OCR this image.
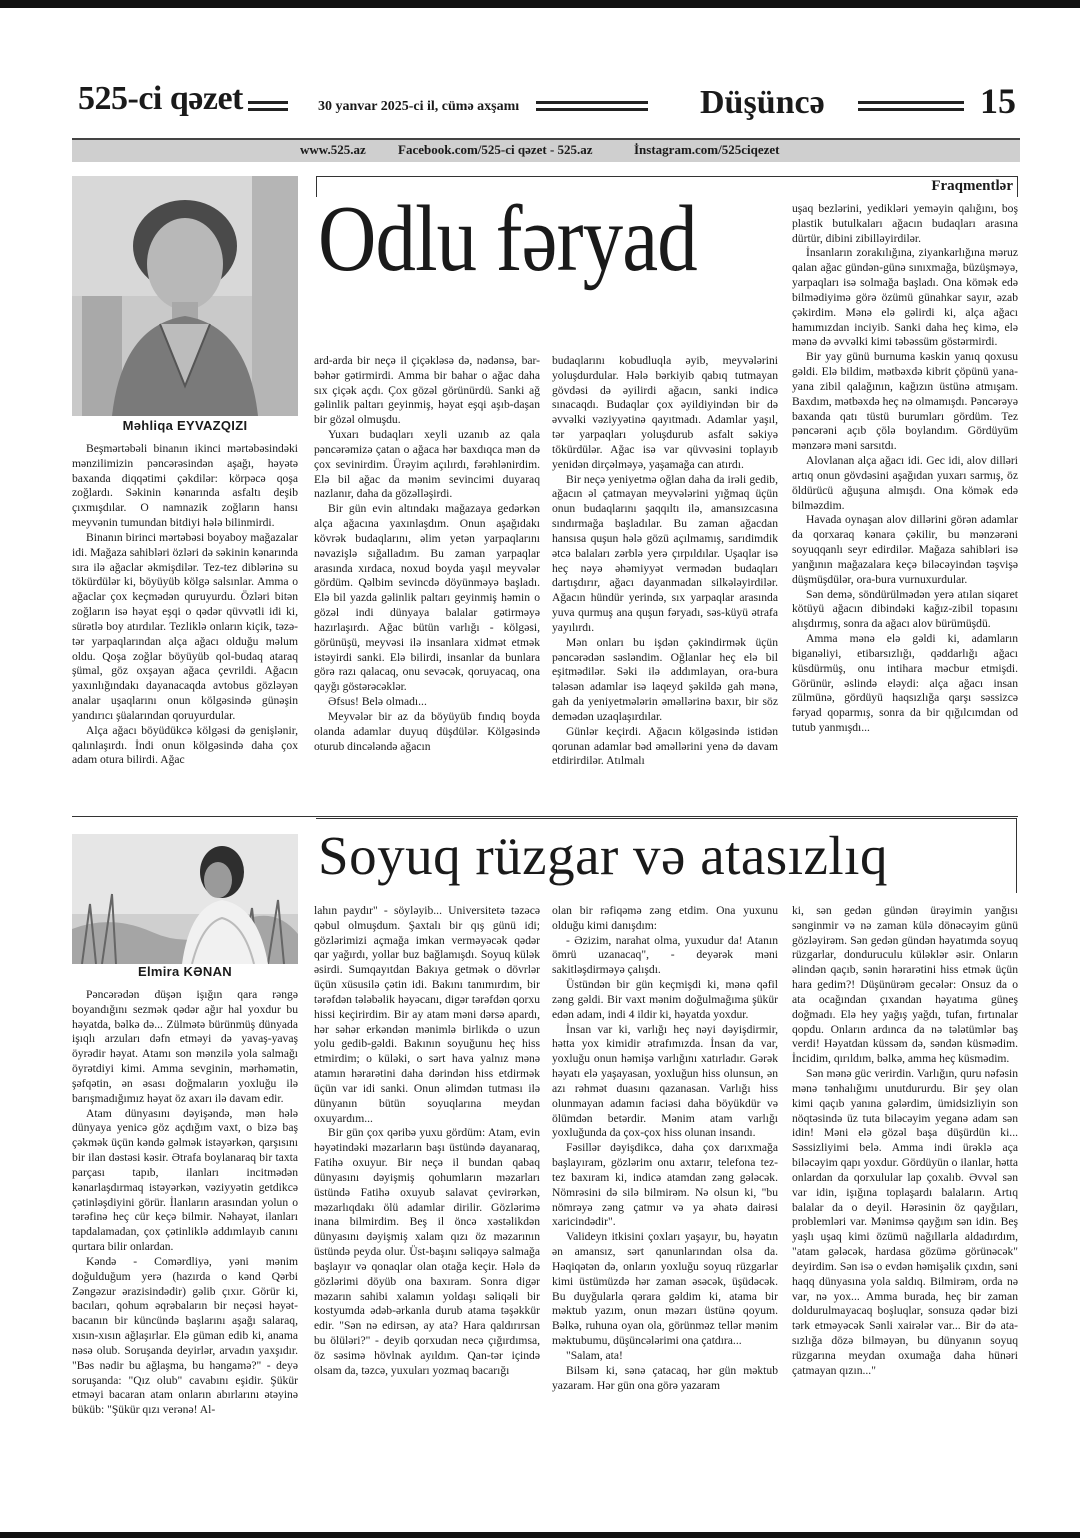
525-ci qəzet	30 yanvar 2025-ci il, cümə axşamı	Düşüncə	15
www.525.az Facebook.com/525-ci qəzet - 525.az	İnstagram.com/525ciqezet
Məhliqa EYVAZQIZI
Fraqmentlər
Odlu fəryad

Beşmərtəbəli binanın ikinci mərtəbəsindəki mənzilimizin pəncərəsindən aşağı, həyətə baxanda diqqətimi çəkdilər: körpəcə qoşa zoğlardı. Səkinin kənarında asfaltı deşib çıxmışdılar. O namnazik zoğların hansı meyvənin tumundan bitdiyi hələ bilinmirdi.

Binanın birinci mərtəbəsi boyaboy mağazalar idi. Mağaza sahibləri özləri də səkinin kənarında sıra ilə ağaclar əkmişdilər. Tez-tez diblərinə su tökürdülər ki, böyüyüb kölgə salsınlar. Amma o ağaclar çox keçmədən quruyurdu. Özləri bitən zoğların isə həyat eşqi o qədər qüvvətli idi ki, sürətlə boy atırdılar. Tezliklə onların kiçik, təzə-tər yarpaqlarından alça ağacı olduğu məlum oldu. Qoşa zoğlar böyüyüb qol-budaq ataraq şümal, göz oxşayan ağaca çevrildi. Ağacın yaxınlığındakı dayanacaqda avtobus gözləyən analar uşaqlarını onun kölgəsində günəşin yandırıcı şüalarından qoruyurdular.

Alça ağacı böyüdükcə kölgəsi də genişlənir, qalınlaşırdı. İndi onun kölgəsində daha çox adam otura bilirdi. Ağac

ard-arda bir neçə il çiçəkləsə də, nədənsə, bar-bəhər gətirmirdi. Amma bir bahar o ağac daha sıx çiçək açdı. Çox gözəl görünürdü. Sanki ağ gəlinlik paltarı geyinmiş, həyat eşqi aşıb-daşan bir gözəl olmuşdu.

Yuxarı budaqları xeyli uzanıb az qala pəncərəmizə çatan o ağaca hər baxdıqca mən də çox sevinirdim. Ürəyim açılırdı, fərəhlənirdim. Elə bil ağac da mənim sevincimi duyaraq nazlanır, daha da gözəlləşirdi.

Bir gün evin altındakı mağazaya gedərkən alça ağacına yaxınlaşdım. Onun aşağıdakı kövrək budaqlarını, əlim yetən yarpaqlarını nəvazişlə sığalladım. Bu zaman yarpaqlar arasında xırdaca, noxud boyda yaşıl meyvələr gördüm. Qəlbim sevincdə döyünməyə başladı. Elə bil yazda gəlinlik paltarı geyinmiş həmin o gözəl indi dünyaya balalar gətirməyə hazırlaşırdı. Ağac bütün varlığı - kölgəsi, görünüşü, meyvəsi ilə insanlara xidmət etmək istəyirdi sanki. Elə bilirdi, insanlar da bunlara görə razı qalacaq, onu sevəcək, qoruyacaq, ona qayğı göstərəcəklər.

Əfsus! Belə olmadı...

Meyvələr bir az da böyüyüb fındıq boyda olanda adamlar duyuq düşdülər. Kölgəsində oturub dincələndə ağacın

budaqlarını kobudluqla əyib, meyvələrini yoluşdurdular. Hələ bərkiyib qabıq tutmayan gövdəsi də əyilirdi ağacın, sanki indicə sınacaqdı. Budaqlar çox əyildiyindən bir də əvvəlki vəziyyətinə qayıtmadı. Adamlar yaşıl, tər yarpaqları yoluşdurub asfalt səkiyə tökürdülər. Ağac isə var qüvvəsini toplayıb yenidən dirçəlməyə, yaşamağa can atırdı.

Bir neçə yeniyetmə oğlan daha da irəli gedib, ağacın əl çatmayan meyvələrini yığmaq üçün onun budaqlarını şaqqıltı ilə, amansızcasına sındırmağa başladılar. Bu zaman ağacdan hansısa quşun hələ gözü açılmamış, sarıdimdik ətcə balaları zərblə yerə çırpıldılar. Uşaqlar isə heç nəyə əhəmiyyət vermədən budaqları dartışdırır, ağacı dayanmadan silkələyirdilər. Ağacın hündür yerində, sıx yarpaqlar arasında yuva qurmuş ana quşun fəryadı, səs-küyü ətrafa yayılırdı.

Mən onları bu işdən çəkindirmək üçün pəncərədən səsləndim. Oğlanlar heç elə bil eşitmədilər. Səki ilə addımlayan, ora-bura tələsən adamlar isə laqeyd şəkildə gah mənə, gah da yeniyetmələrin əməllərinə baxır, bir söz demədən uzaqlaşırdılar.

Günlər keçirdi. Ağacın kölgəsində istidən qorunan adamlar bəd əməllərini yenə də davam etdirirdilər. Atılmalı

uşaq bezlərini, yedikləri yeməyin qalığını, boş plastik butulkaları ağacın budaqları arasına dürtür, dibini zibilləyirdilər.

İnsanların zorakılığına, ziyankarlığına məruz qalan ağac gündən-günə sınıxmağa, büzüşməyə, yarpaqları isə solmağa başladı. Ona kömək edə bilmədiyimə görə özümü günahkar sayır, əzab çəkirdim. Mənə elə gəlirdi ki, alça ağacı hamımızdan inciyib. Sanki daha heç kimə, elə mənə də əvvəlki kimi təbəssüm göstərmirdi.

Bir yay günü burnuma kəskin yanıq qoxusu gəldi. Elə bildim, mətbəxdə kibrit çöpünü yana-yana zibil qalağının, kağızın üstünə atmışam. Baxdım, mətbəxdə heç nə olmamışdı. Pəncərəyə baxanda qatı tüstü burumları gördüm. Tez pəncərəni açıb çölə boylandım. Gördüyüm mənzərə məni sarsıtdı.

Alovlanan alça ağacı idi. Gec idi, alov dilləri artıq onun gövdəsini aşağıdan yuxarı sarmış, öz öldürücü ağuşuna almışdı. Ona kömək edə bilməzdim.

Havada oynaşan alov dillərini görən adamlar da qorxaraq kənara çəkilir, bu mənzərəni soyuqqanlı seyr edirdilər. Mağaza sahibləri isə yanğının mağazalara keçə biləcəyindən təşvişə düşmüşdülər, ora-bura vurnuxurdular.

Sən demə, söndürülmədən yerə atılan siqaret kötüyü ağacın dibindəki kağız-zibil topasını alışdırmış, sonra da ağacı alov bürümüşdü.

Amma mənə elə gəldi ki, adamların biganəliyi, etibarsızlığı, qəddarlığı ağacı küsdürmüş, onu intihara məcbur etmişdi. Görünür, əslində eləydi: alça ağacı insan zülmünə, gördüyü haqsızlığa qarşı səssizcə fəryad qoparmış, sonra da bir qığılcımdan od tutub yanmışdı...

Elmira KƏNAN
Soyuq rüzgar və atasızlıq

Pəncərədən düşən işığın qara rəngə boyandığını sezmək qədər ağır hal yoxdur bu həyatda, bəlkə də... Zülmətə bürünmüş dünyada işıqlı arzuları dəfn etməyi də yavaş-yavaş öyrədir həyat. Atamı son mənzilə yola salmağı öyrətdiyi kimi. Amma sevginin, mərhəmətin, şəfqətin, ən əsası doğmaların yoxluğu ilə barışmadığımız həyat öz axarı ilə davam edir.

Atam dünyasını dəyişəndə, mən hələ dünyaya yenicə göz açdığım vaxt, o bizə baş çəkmək üçün kəndə gəlmək istəyərkən, qarşısını bir ilan dəstəsi kəsir. Ətrafa boylanaraq bir taxta parçası tapıb, ilanları incitmədən kənarlaşdırmaq istəyərkən, vəziyyətin getdikcə çətinləşdiyini görür. İlanların arasından yolun o tərəfinə heç cür keçə bilmir. Nəhayət, ilanları tapdalamadan, çox çətinliklə addımlayıb canını qurtara bilir onlardan.

Kəndə - Comərdliyə, yəni mənim doğulduğum yerə (hazırda o kənd Qərbi Zəngəzur ərazisindədir) gəlib çıxır. Görür ki, bacıları, qohum əqrəbaların bir neçəsi həyət-bacanın bir küncündə başlarını aşağı salaraq, xısın-xısın ağlaşırlar. Elə güman edib ki, anama nəsə olub. Soruşanda deyirlər, arvadın yaxşıdır. "Bəs nədir bu ağlaşma, bu həngamə?" - deyə soruşanda: "Qız olub" cavabını eşidir. Şükür etməyi bacaran atam onların abırlarını ətəyinə büküb: "Şükür qızı verənə! Al-

lahın paydır" - söyləyib... Universitetə təzəcə qəbul olmuşdum. Şaxtalı bir qış günü idi; gözlərimizi açmağa imkan verməyəcək qədər qar yağırdı, yollar buz bağlamışdı. Soyuq külək əsirdi. Sumqayıtdan Bakıya getmək o dövrlər üçün xüsusilə çətin idi. Bakını tanımırdım, bir tərəfdən tələbəlik həyəcanı, digər tərəfdən qorxu hissi keçirirdim. Bir ay atam məni dərsə apardı, hər səhər erkəndən mənimlə birlikdə o uzun yolu gedib-gəldi. Bakının soyuğunu heç hiss etmirdim; o küləki, o sərt hava yalnız mənə atamın hərarətini daha dərindən hiss etdirmək üçün var idi sanki. Onun əlimdən tutması ilə dünyanın bütün soyuqlarına meydan oxuyardım...

Bir gün çox qəribə yuxu gördüm: Atam, evin həyətindəki məzarların başı üstündə dayanaraq, Fatihə oxuyur. Bir neçə il bundan qabaq dünyasını dəyişmiş qohumların məzarları üstündə Fatihə oxuyub salavat çevirərkən, məzarlıqdakı ölü adamlar dirilir. Gözlərimə inana bilmirdim. Beş il öncə xəstəlikdən dünyasını dəyişmiş xalam qızı öz məzarının üstündə peyda olur. Üst-başını səliqəyə salmağa başlayır və qonaqlar olan otağa keçir. Hələ də gözlərimi döyüb ona baxıram. Sonra digər məzarın sahibi xalamın yoldaşı səliqəli bir kostyumda ədəb-ərkanla durub atama təşəkkür edir. "Sən nə edirsən, ay ata? Hara qaldırırsan bu ölüləri?" - deyib qorxudan necə çığırdımsa, öz səsimə hövlnak ayıldım. Qan-tər içində olsam da, təzcə, yuxuları yozmaq bacarığı

olan bir rəfiqəmə zəng etdim. Ona yuxunu olduğu kimi danışdım:

- Əzizim, narahat olma, yuxudur da! Atanın ömrü uzanacaq", - deyərək məni sakitləşdirməyə çalışdı.

Üstündən bir gün keçmişdi ki, mənə qəfil zəng gəldi. Bir vaxt mənim doğulmağıma şükür edən adam, indi 4 ildir ki, həyatda yoxdur.

İnsan var ki, varlığı heç nəyi dəyişdirmir, hətta yox kimidir ətrafımızda. İnsan da var, yoxluğu onun həmişə varlığını xatırladır. Gərək həyatı elə yaşayasan, yoxluğun hiss olunsun, ən azı rəhmət duasını qazanasan. Varlığı hiss olunmayan adamın faciəsi daha böyükdür və ölümdən betərdir. Mənim atam varlığı yoxluğunda da çox-çox hiss olunan insandı.

Fəsillər dəyişdikcə, daha çox darıxmağa başlayıram, gözlərim onu axtarır, telefona tez-tez baxıram ki, indicə atamdan zəng gələcək. Nömrəsini də silə bilmirəm. Nə olsun ki, "bu nömrəyə zəng çatmır və ya əhatə dairəsi xaricindədir".

Valideyn itkisini çoxları yaşayır, bu, həyatın ən amansız, sərt qanunlarından olsa da. Həqiqətən də, onların yoxluğu soyuq rüzgarlar kimi üstümüzdə hər zaman əsəcək, üşüdəcək. Bu duyğularla qərara gəldim ki, atama bir məktub yazım, onun məzarı üstünə qoyum. Bəlkə, ruhuna oyan ola, görünməz tellər mənim məktubumu, düşüncələrimi ona çatdıra...

"Salam, ata!

Bilsəm ki, sənə çatacaq, hər gün məktub yazaram. Hər gün ona görə yazaram

ki, sən gedən gündən ürəyimin yanğısı sənginmir və nə zaman külə dönəcəyim günü gözləyirəm. Sən gedən gündən həyatımda soyuq rüzgarlar, donduruculu küləklər əsir. Onların əlindən qaçıb, sənin hərarətini hiss etmək üçün hara gedim?! Düşünürəm gecələr: Onsuz da o ata ocağından çıxandan həyatıma güneş doğmadı. Elə hey yağış yağdı, tufan, fırtınalar qopdu. Onların ardınca da nə tələtümlər baş verdi! Həyatdan küssəm də, səndən küsmədim. İncidim, qırıldım, bəlkə, amma heç küsmədim.

Sən mənə güc verirdin. Varlığın, quru nəfəsin mənə tənhalığımı unutdururdu. Bir şey olan kimi qaçıb yanına gələrdim, ümidsizliyin son nöqtəsində üz tuta biləcəyim yeganə adam sən idin! Məni elə gözəl başa düşürdün ki... Səssizliyimi belə. Amma indi ürəklə aça biləcəyim qapı yoxdur. Gördüyün o ilanlar, hətta onlardan da qorxulular lap çoxalıb. Əvvəl sən var idin, işığına toplaşardı balaların. Artıq balalar da o deyil. Hərəsinin öz qayğıları, problemləri var. Mənimsə qayğım sən idin. Beş yaşlı uşaq kimi özümü nağıllarla aldadırdım, "atam gələcək, hardasa gözümə görünəcək" deyirdim. Sən isə o evdən həmişəlik çıxdın, səni haqq dünyasına yola saldıq. Bilmirəm, orda nə var, nə yox... Amma burada, heç bir zaman doldurulmayacaq boşluqlar, sonsuza qədər bizi tərk etməyəcək Sənli xairələr var... Bir də ata-sızlığa dözə bilməyən, bu dünyanın soyuq rüzgarına meydan oxumağa daha hünəri çatmayan qızın..."
